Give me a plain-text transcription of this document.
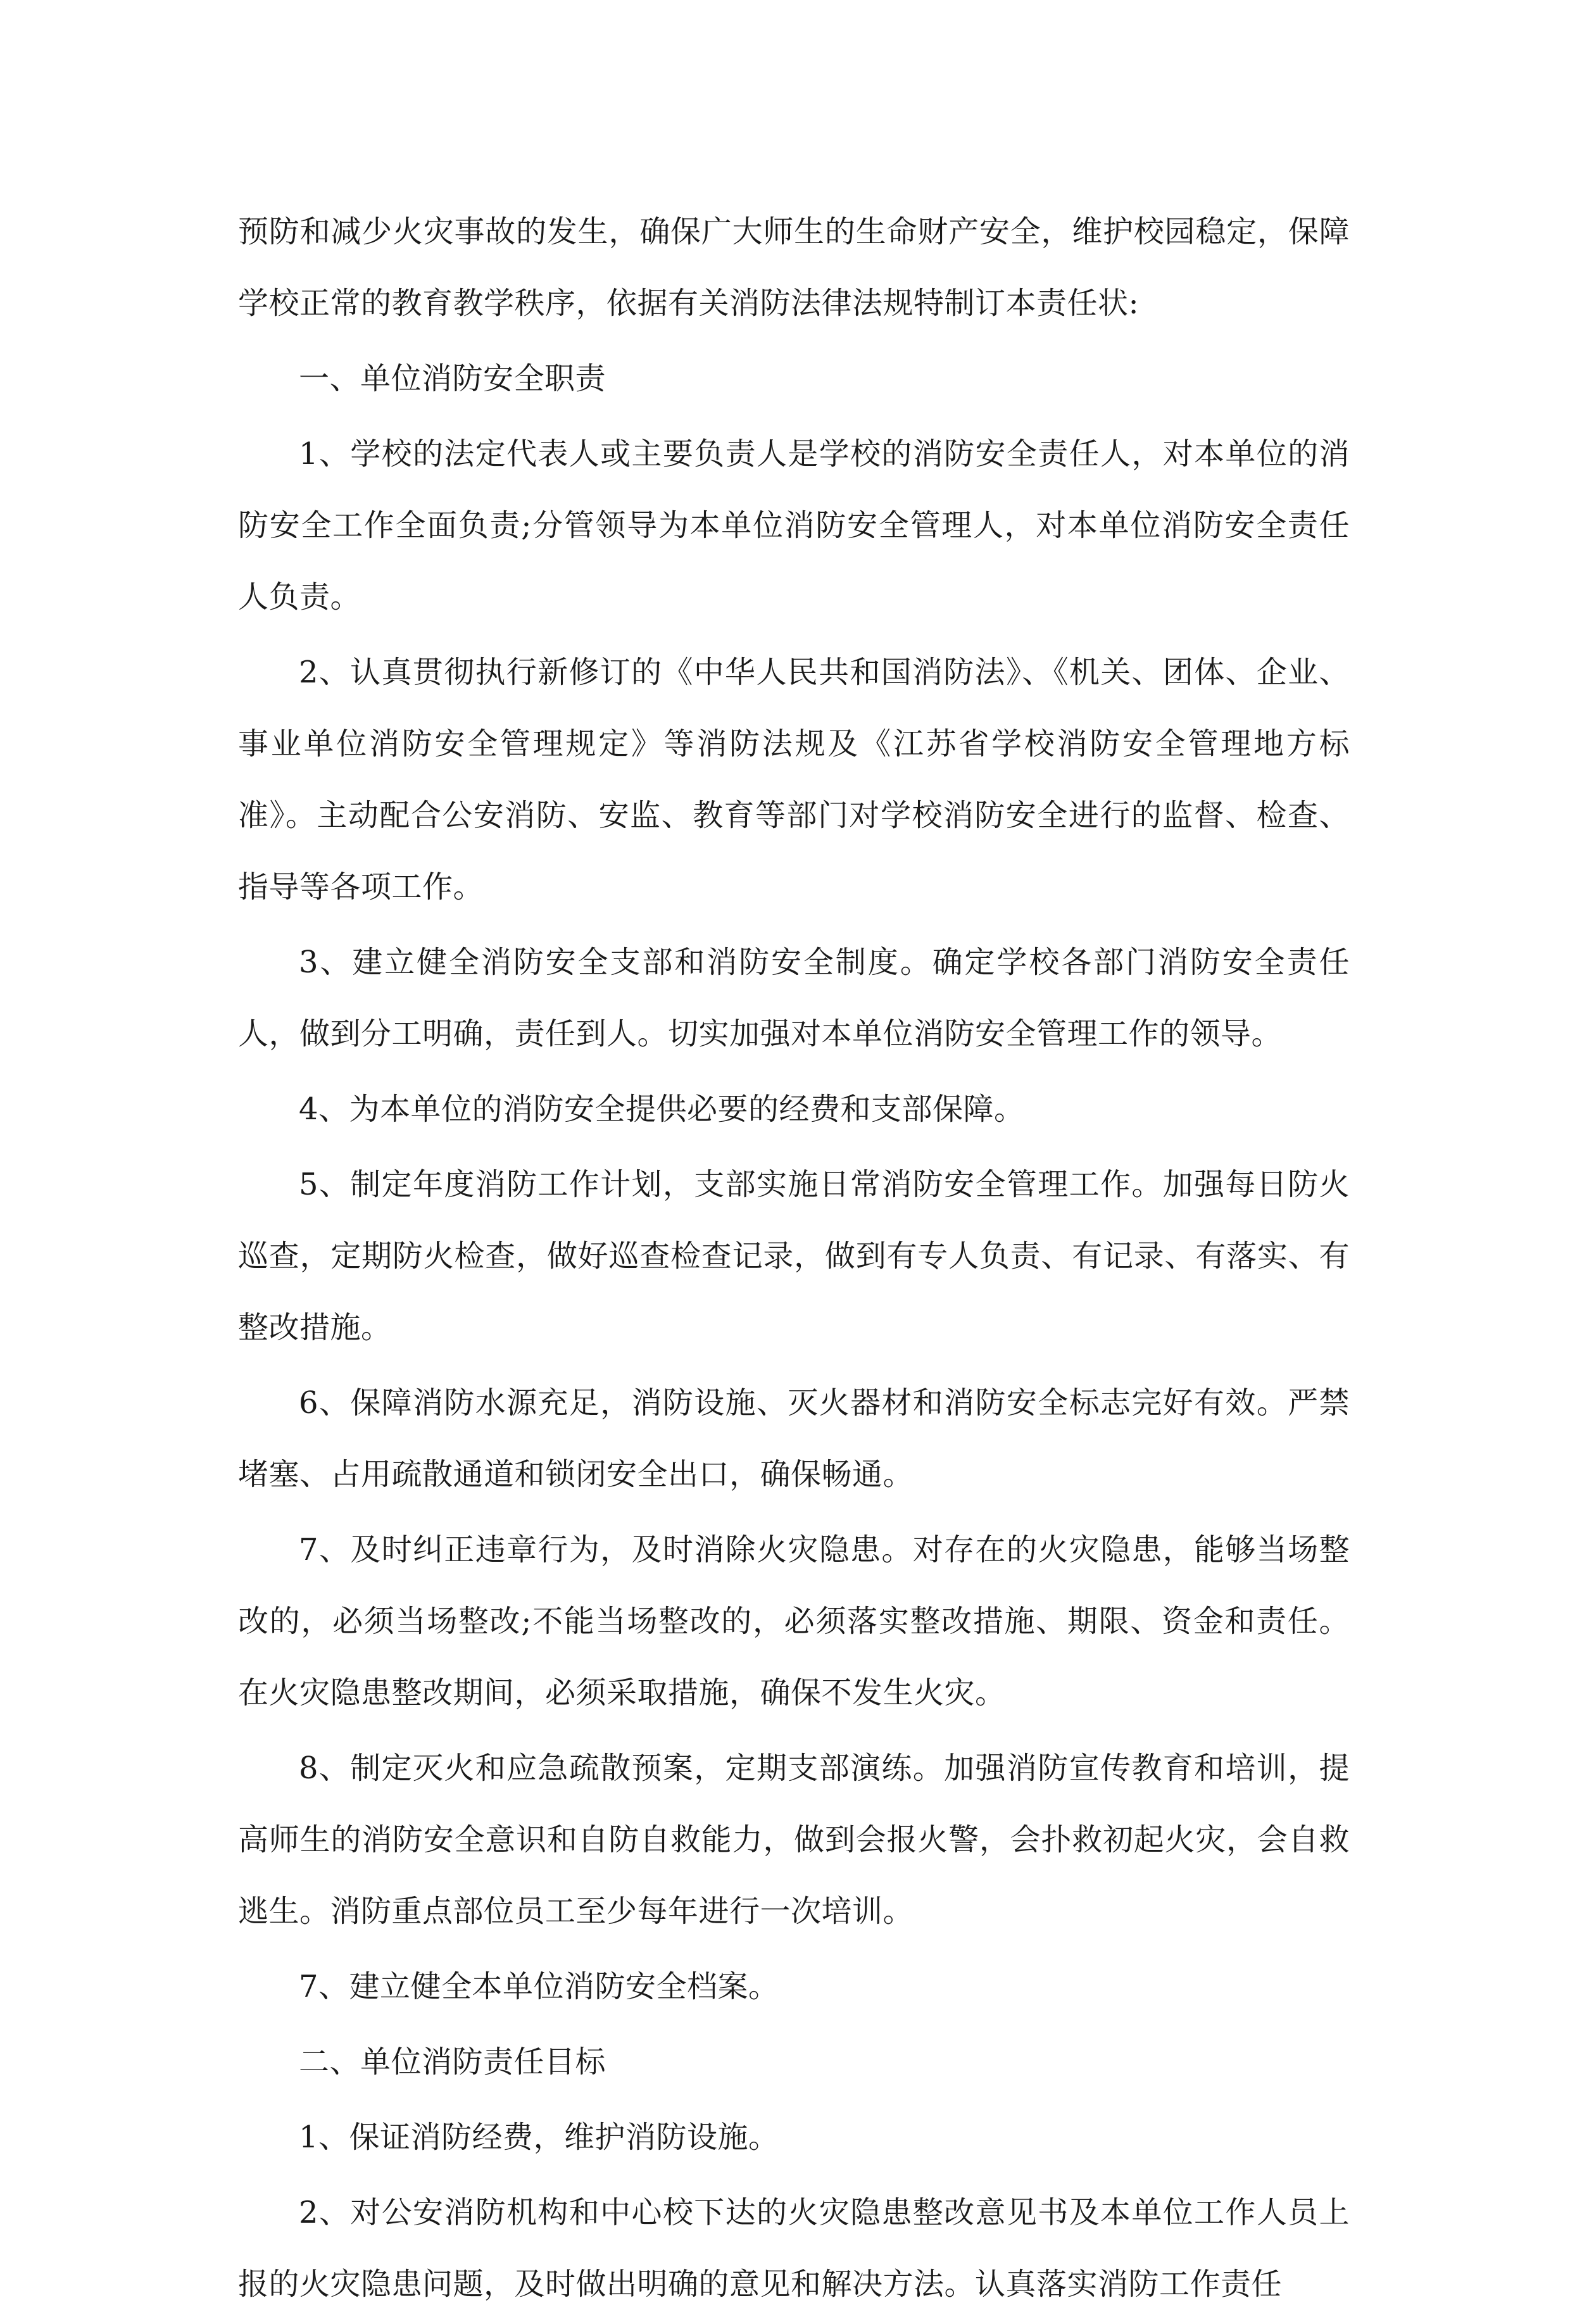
预防和减少火灾事故的发生，确保广大师生的生命财产安全，维护校园稳定，保障学校正常的教育教学秩序，依据有关消防法律法规特制订本责任状:

一、单位消防安全职责

1、学校的法定代表人或主要负责人是学校的消防安全责任人，对本单位的消防安全工作全面负责;分管领导为本单位消防安全管理人，对本单位消防安全责任人负责。

2、认真贯彻执行新修订的《中华人民共和国消防法》、《机关、团体、企业、事业单位消防安全管理规定》等消防法规及《江苏省学校消防安全管理地方标准》。主动配合公安消防、安监、教育等部门对学校消防安全进行的监督、检查、指导等各项工作。

3、建立健全消防安全支部和消防安全制度。确定学校各部门消防安全责任人，做到分工明确，责任到人。切实加强对本单位消防安全管理工作的领导。

4、为本单位的消防安全提供必要的经费和支部保障。

5、制定年度消防工作计划，支部实施日常消防安全管理工作。加强每日防火巡查，定期防火检查，做好巡查检查记录，做到有专人负责、有记录、有落实、有整改措施。

6、保障消防水源充足，消防设施、灭火器材和消防安全标志完好有效。严禁堵塞、占用疏散通道和锁闭安全出口，确保畅通。

7、及时纠正违章行为，及时消除火灾隐患。对存在的火灾隐患，能够当场整改的，必须当场整改;不能当场整改的，必须落实整改措施、期限、资金和责任。在火灾隐患整改期间，必须采取措施，确保不发生火灾。

8、制定灭火和应急疏散预案，定期支部演练。加强消防宣传教育和培训，提高师生的消防安全意识和自防自救能力，做到会报火警，会扑救初起火灾，会自救逃生。消防重点部位员工至少每年进行一次培训。

7、建立健全本单位消防安全档案。

二、单位消防责任目标

1、保证消防经费，维护消防设施。

2、对公安消防机构和中心校下达的火灾隐患整改意见书及本单位工作人员上报的火灾隐患问题，及时做出明确的意见和解决方法。认真落实消防工作责任
